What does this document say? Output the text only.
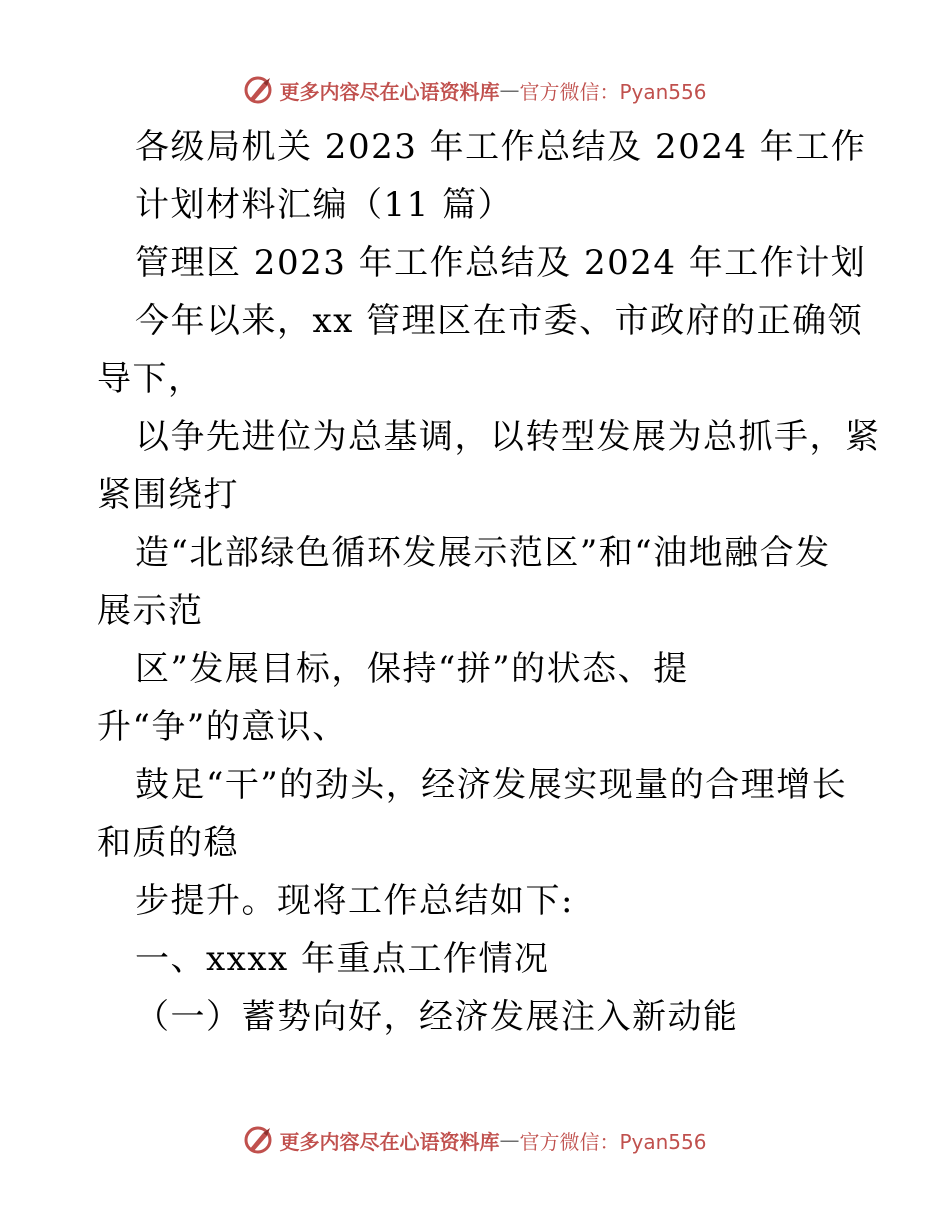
更多内容尽在心语资料库 — 官方微信：Pyan556
各级局机关 2023 年工作总结及 2024 年工作
计划材料汇编（11 篇）
管理区 2023 年工作总结及 2024 年工作计划
今年以来，xx 管理区在市委、市政府的正确领
导下，
以争先进位为总基调，以转型发展为总抓手，紧
紧围绕打
造“北部绿色循环发展示范区”和“油地融合发
展示范
区”发展目标，保持“拼”的状态、提
升“争”的意识、
鼓足“干”的劲头，经济发展实现量的合理增长
和质的稳
步提升。现将工作总结如下:
一、xxxx 年重点工作情况
（一）蓄势向好，经济发展注入新动能
更多内容尽在心语资料库 — 官方微信：Pyan556
